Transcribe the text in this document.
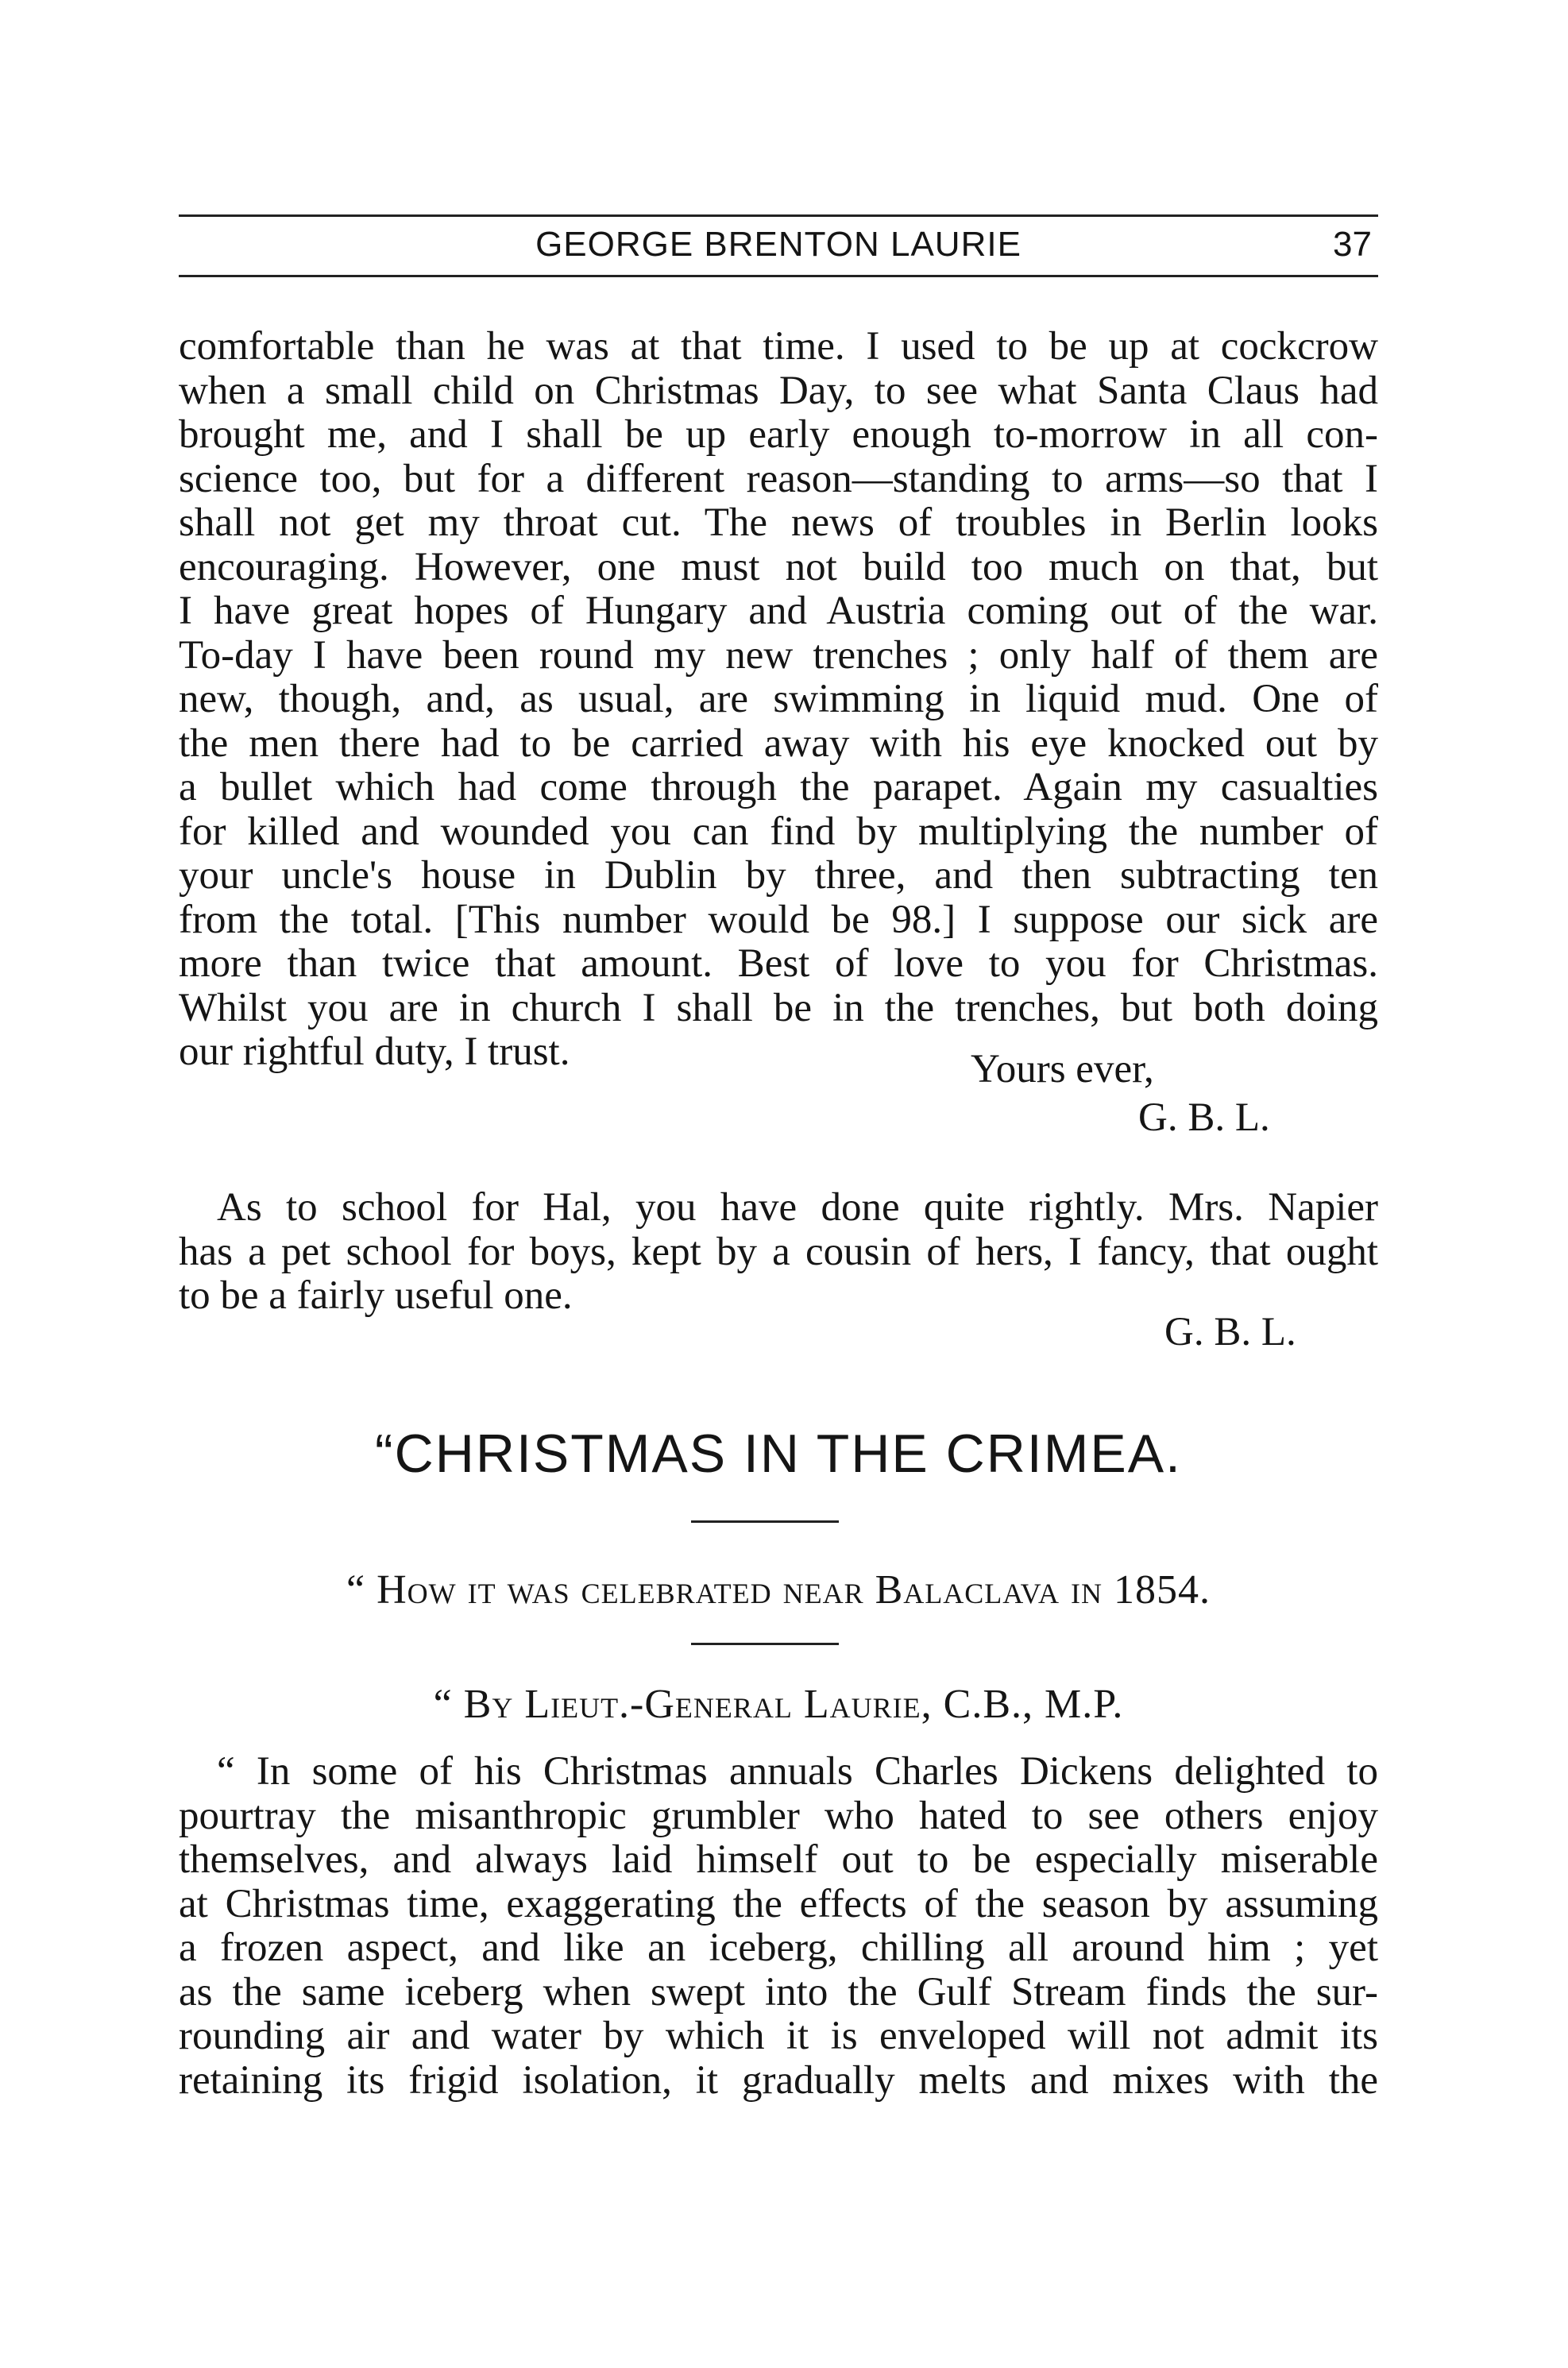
GEORGE BRENTON LAURIE	37
comfortable than he was at that time. I used to be up at cockcrow
when a small child on Christmas Day, to see what Santa Claus had
brought me, and I shall be up early enough to-morrow in all con-
science too, but for a different reason—standing to arms—so that I
shall not get my throat cut. The news of troubles in Berlin looks
encouraging. However, one must not build too much on that, but
I have great hopes of Hungary and Austria coming out of the war.
To-day I have been round my new trenches ; only half of them are
new, though, and, as usual, are swimming in liquid mud. One of
the men there had to be carried away with his eye knocked out by
a bullet which had come through the parapet. Again my casualties
for killed and wounded you can find by multiplying the number of
your uncle's house in Dublin by three, and then subtracting ten
from the total. [This number would be 98.] I suppose our sick are
more than twice that amount. Best of love to you for Christmas.
Whilst you are in church I shall be in the trenches, but both doing
our rightful duty, I trust.	Yours ever,
G. B. L.
As to school for Hal, you have done quite rightly. Mrs. Napier
has a pet school for boys, kept by a cousin of hers, I fancy, that ought
to be a fairly useful one.
G. B. L.
“CHRISTMAS IN THE CRIMEA.
“ How it was celebrated near Balaclava in 1854.
“ By Lieut.-General Laurie, C.B., M.P.
“ In some of his Christmas annuals Charles Dickens delighted to
pourtray the misanthropic grumbler who hated to see others enjoy
themselves, and always laid himself out to be especially miserable
at Christmas time, exaggerating the effects of the season by assuming
a frozen aspect, and like an iceberg, chilling all around him ; yet
as the same iceberg when swept into the Gulf Stream finds the sur-
rounding air and water by which it is enveloped will not admit its
retaining its frigid isolation, it gradually melts and mixes with the
